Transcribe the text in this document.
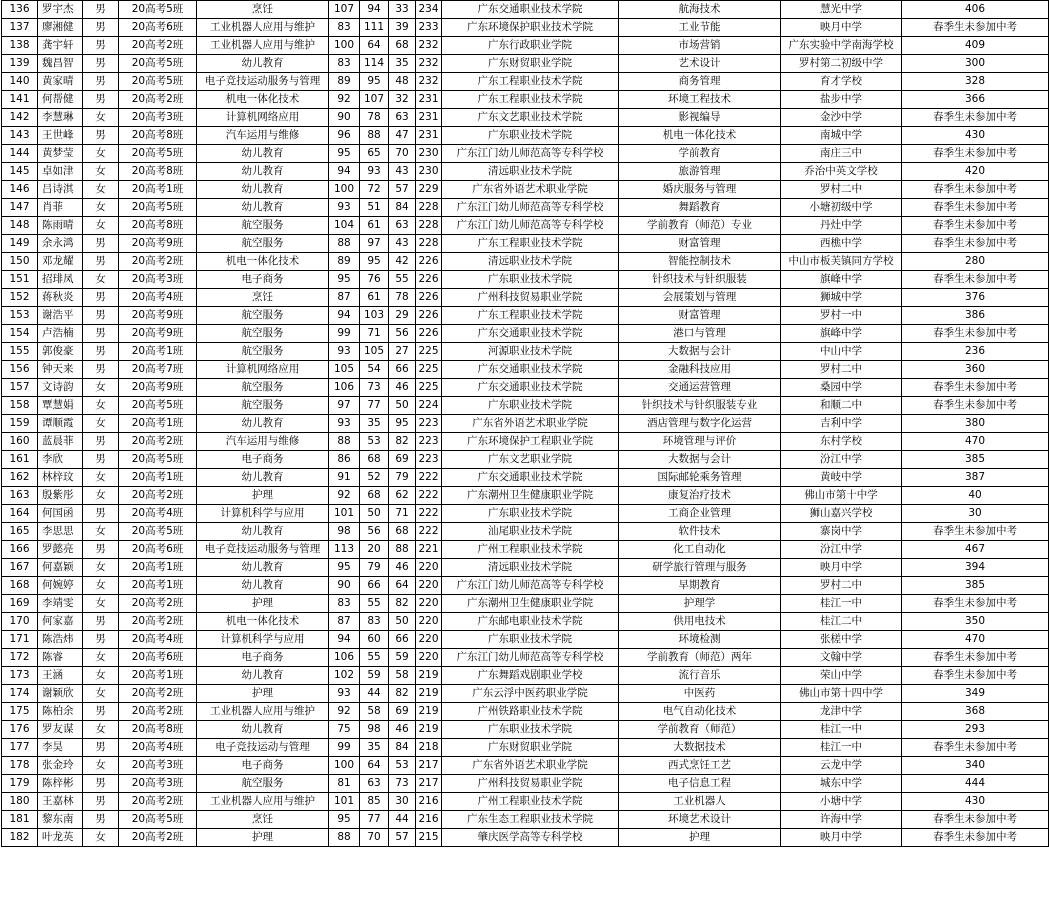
136	罗宇杰	男	20高考5班	烹饪	107	94	33	234	广东交通职业技术学院	航海技术	慧光中学	406
137	廖湘健	男	20高考6班	工业机器人应用与维护	83	111	39	233	广东环境保护职业技术学院	工业节能	映月中学	春季生未参加中考
138	龚宇轩	男	20高考2班	工业机器人应用与维护	100	64	68	232	广东行政职业学院	市场营销	广东实验中学南海学校	409
139	魏昌智	男	20高考5班	幼儿教育	83	114	35	232	广东财贸职业学院	艺术设计	罗村第二初级中学	300
140	黄家晴	男	20高考5班	电子竞技运动服务与管理	89	95	48	232	广东工程职业技术学院	商务管理	育才学校	328
141	何帮健	男	20高考2班	机电一体化技术	92	107	32	231	广东工程职业技术学院	环境工程技术	盐步中学	366
142	李慧琳	女	20高考3班	计算机网络应用	90	78	63	231	广东文艺职业技术学院	影视编导	金沙中学	春季生未参加中考
143	王世峰	男	20高考8班	汽车运用与维修	96	88	47	231	广东职业技术学院	机电一体化技术	南城中学	430
144	黄梦莹	女	20高考5班	幼儿教育	95	65	70	230	广东江门幼儿师范高等专科学校	学前教育	南庄三中	春季生未参加中考
145	卓如津	女	20高考8班	幼儿教育	94	93	43	230	清远职业技术学院	旅游管理	乔治中英文学校	420
146	吕诗淇	女	20高考1班	幼儿教育	100	72	57	229	广东省外语艺术职业学院	婚庆服务与管理	罗村二中	春季生未参加中考
147	肖菲	女	20高考5班	幼儿教育	93	51	84	228	广东江门幼儿师范高等专科学校	舞蹈教育	小塘初级中学	春季生未参加中考
148	陈雨晴	女	20高考8班	航空服务	104	61	63	228	广东江门幼儿师范高等专科学校	学前教育（师范）专业	丹灶中学	春季生未参加中考
149	余永鸿	男	20高考9班	航空服务	88	97	43	228	广东工程职业技术学院	财富管理	西樵中学	春季生未参加中考
150	邓龙耀	男	20高考2班	机电一体化技术	89	95	42	226	清远职业技术学院	智能控制技术	中山市板芙镇同方学校	280
151	招琲凤	女	20高考3班	电子商务	95	76	55	226	广东职业技术学院	针织技术与针织服装	旗峰中学	春季生未参加中考
152	蒋秋炎	男	20高考4班	烹饪	87	61	78	226	广州科技贸易职业学院	会展策划与管理	狮城中学	376
153	谢浩平	男	20高考9班	航空服务	94	103	29	226	广东工程职业技术学院	财富管理	罗村一中	386
154	卢浩楠	男	20高考9班	航空服务	99	71	56	226	广东交通职业技术学院	港口与管理	旗峰中学	春季生未参加中考
155	郭俊豪	男	20高考1班	航空服务	93	105	27	225	河源职业技术学院	大数据与会计	中山中学	236
156	钟天来	男	20高考7班	计算机网络应用	105	54	66	225	广东交通职业技术学院	金融科技应用	罗村二中	360
157	文诗韵	女	20高考9班	航空服务	106	73	46	225	广东交通职业技术学院	交通运营管理	桑园中学	春季生未参加中考
158	覃慧娟	女	20高考5班	航空服务	97	77	50	224	广东职业技术学院	针织技术与针织服装专业	和顺二中	春季生未参加中考
159	谭顺霞	女	20高考1班	幼儿教育	93	35	95	223	广东省外语艺术职业学院	酒店管理与数字化运营	吉利中学	380
160	蓝晨菲	男	20高考2班	汽车运用与维修	88	53	82	223	广东环境保护工程职业学院	环境管理与评价	东村学校	470
161	李欣	男	20高考5班	电子商务	86	68	69	223	广东文艺职业学院	大数据与会计	汾江中学	385
162	林梓玟	女	20高考1班	幼儿教育	91	52	79	222	广东交通职业技术学院	国际邮轮乘务管理	黄岐中学	387
163	殷紫彤	女	20高考2班	护理	92	68	62	222	广东潮州卫生健康职业学院	康复治疗技术	佛山市第十中学	40
164	何国函	男	20高考4班	计算机科学与应用	101	50	71	222	广东职业技术学院	工商企业管理	狮山嘉兴学校	30
165	李思思	女	20高考5班	幼儿教育	98	56	68	222	汕尾职业技术学院	软件技术	寨岗中学	春季生未参加中考
166	罗懿亮	男	20高考6班	电子竞技运动服务与管理	113	20	88	221	广州工程职业技术学院	化工自动化	汾江中学	467
167	何嘉颖	女	20高考1班	幼儿教育	95	79	46	220	清远职业技术学院	研学旅行管理与服务	映月中学	394
168	何婉婷	女	20高考1班	幼儿教育	90	66	64	220	广东江门幼儿师范高等专科学校	早期教育	罗村二中	385
169	李靖雯	女	20高考2班	护理	83	55	82	220	广东潮州卫生健康职业学院	护理学	桂江一中	春季生未参加中考
170	何家嘉	男	20高考2班	机电一体化技术	87	83	50	220	广东邮电职业技术学院	供用电技术	桂江二中	350
171	陈浩炜	男	20高考4班	计算机科学与应用	94	60	66	220	广东职业技术学院	环境检测	张槎中学	470
172	陈睿	女	20高考6班	电子商务	106	55	59	220	广东江门幼儿师范高等专科学校	学前教育（师范）两年	文翰中学	春季生未参加中考
173	王涵	女	20高考1班	幼儿教育	102	59	58	219	广东舞蹈戏剧职业学校	流行音乐	荣山中学	春季生未参加中考
174	谢颖欣	女	20高考2班	护理	93	44	82	219	广东云浮中医药职业学院	中医药	佛山市第十四中学	349
175	陈柏余	男	20高考2班	工业机器人应用与维护	92	58	69	219	广州铁路职业技术学院	电气自动化技术	龙津中学	368
176	罗友谋	女	20高考8班	幼儿教育	75	98	46	219	广东职业技术学院	学前教育（师范）	桂江一中	293
177	李昊	男	20高考4班	电子竞技运动与管理	99	35	84	218	广东财贸职业学院	大数据技术	桂江一中	春季生未参加中考
178	张金玲	女	20高考3班	电子商务	100	64	53	217	广东省外语艺术职业学院	西式烹饪工艺	云龙中学	340
179	陈梓彬	男	20高考3班	航空服务	81	63	73	217	广州科技贸易职业学院	电子信息工程	城东中学	444
180	王嘉林	男	20高考2班	工业机器人应用与维护	101	85	30	216	广州工程职业技术学院	工业机器人	小塘中学	430
181	黎东南	男	20高考5班	烹饪	95	77	44	216	广东生态工程职业技术学院	环境艺术设计	许海中学	春季生未参加中考
182	叶龙英	女	20高考2班	护理	88	70	57	215	肇庆医学高等专科学校	护理	映月中学	春季生未参加中考
